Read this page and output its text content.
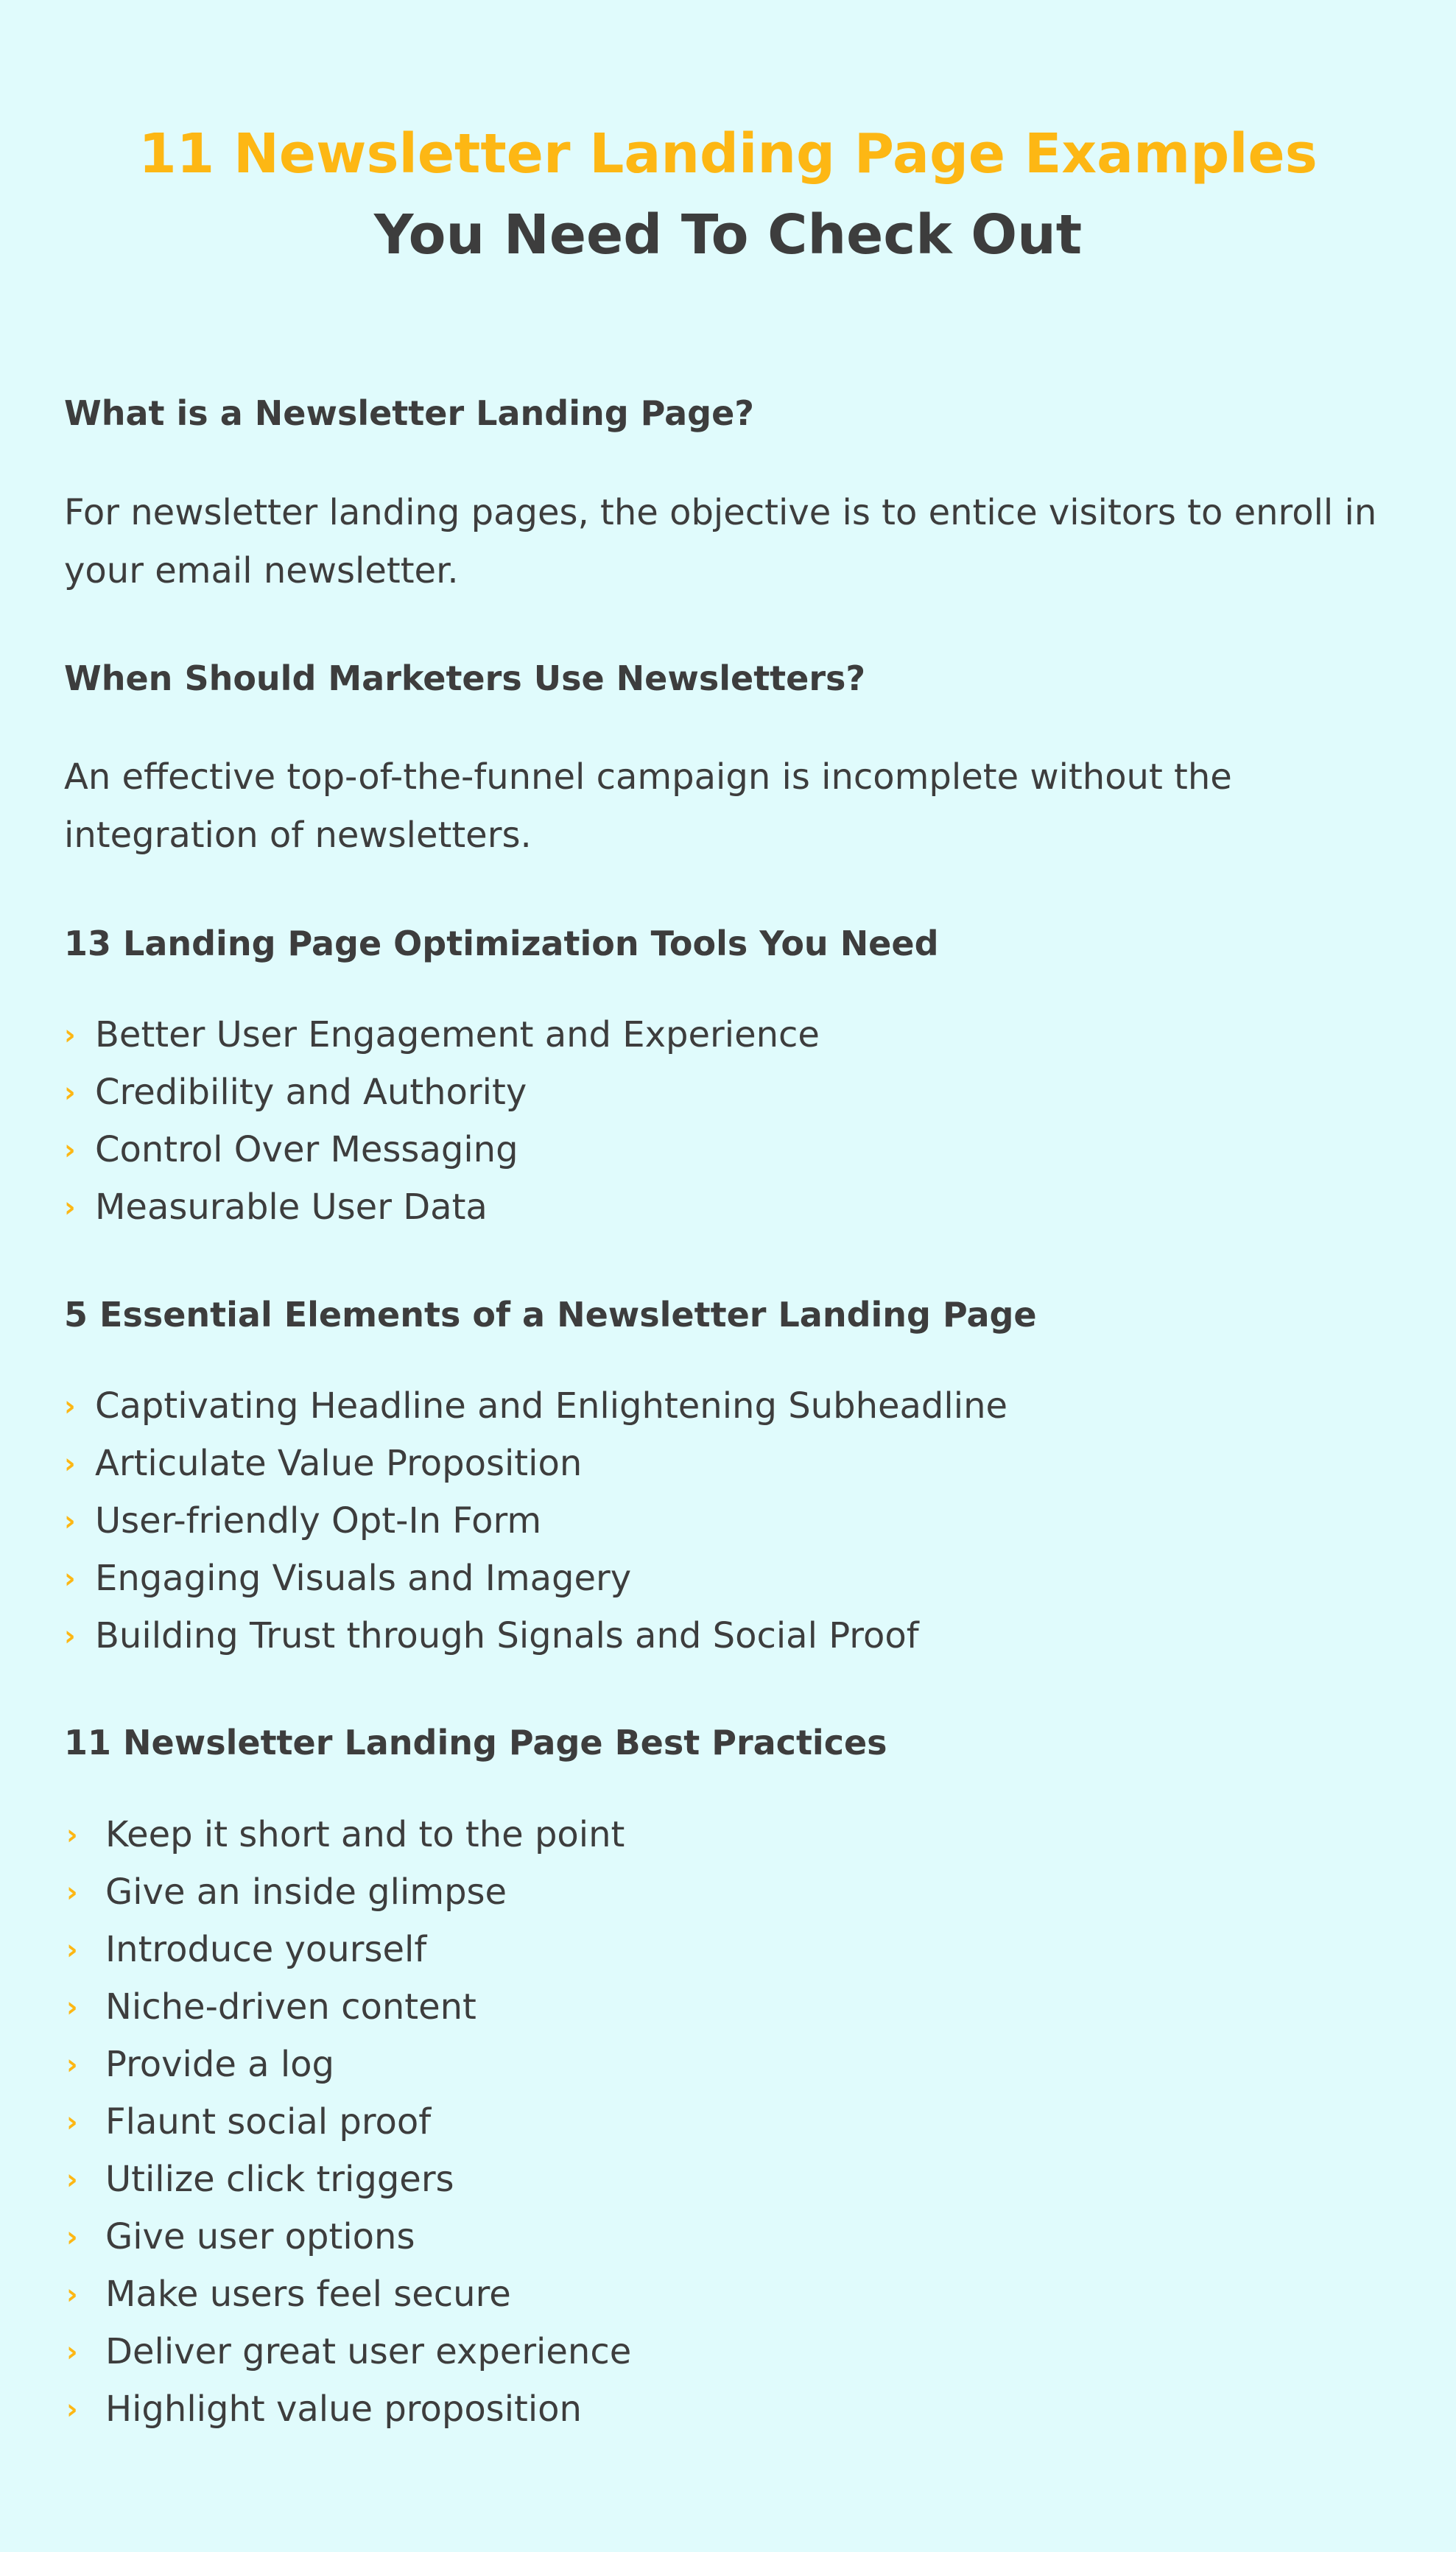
11 Newsletter Landing Page Examples
You Need To Check Out
What is a Newsletter Landing Page?

For newsletter landing pages, the objective is to entice visitors to enroll in your email newsletter.

When Should Marketers Use Newsletters?

An effective top-of-the-funnel campaign is incomplete without the integration of newsletters.

13 Landing Page Optimization Tools You Need
› Better User Engagement and Experience
› Credibility and Authority
› Control Over Messaging
› Measurable User Data
5 Essential Elements of a Newsletter Landing Page
› Captivating Headline and Enlightening Subheadline
› Articulate Value Proposition
› User-friendly Opt-In Form
› Engaging Visuals and Imagery
› Building Trust through Signals and Social Proof
11 Newsletter Landing Page Best Practices
› Keep it short and to the point
› Give an inside glimpse
› Introduce yourself
› Niche-driven content
› Provide a log
› Flaunt social proof
› Utilize click triggers
› Give user options
› Make users feel secure
› Deliver great user experience
› Highlight value proposition
